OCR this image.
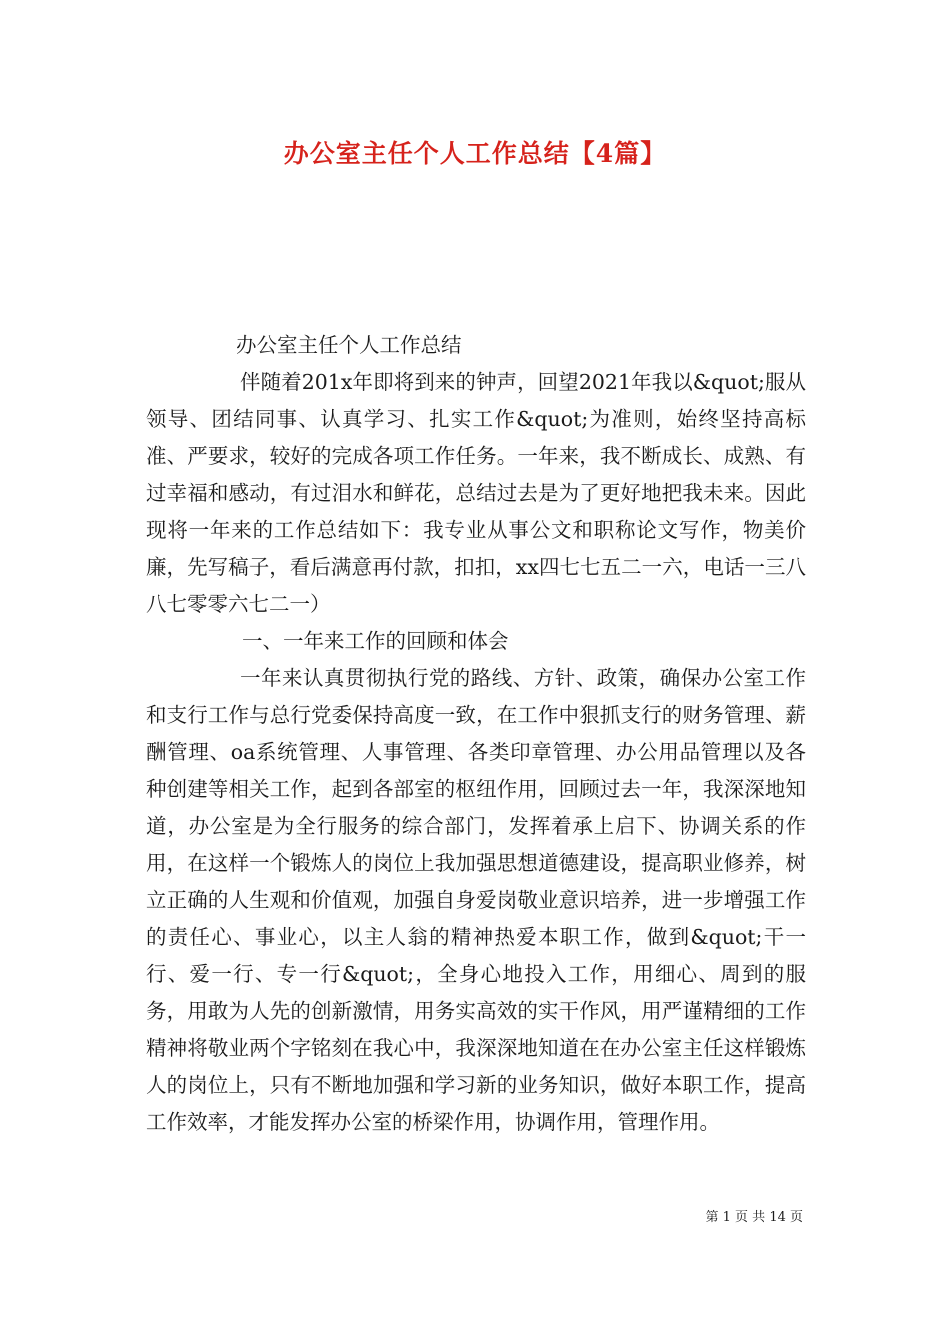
办公室主任个人工作总结【4篇】

办公室主任个人工作总结

伴随着201x年即将到来的钟声，回望2021年我以&quot;服从领导、团结同事、认真学习、扎实工作&quot;为准则，始终坚持高标准、严要求，较好的完成各项工作任务。一年来，我不断成长、成熟、有过幸福和感动，有过泪水和鲜花，总结过去是为了更好地把我未来。因此现将一年来的工作总结如下：我专业从事公文和职称论文写作，物美价廉，先写稿子，看后满意再付款，扣扣，xx四七七五二一六，电话一三八八七零零六七二一）

一、一年来工作的回顾和体会

一年来认真贯彻执行党的路线、方针、政策，确保办公室工作和支行工作与总行党委保持高度一致，在工作中狠抓支行的财务管理、薪酬管理、oa系统管理、人事管理、各类印章管理、办公用品管理以及各种创建等相关工作，起到各部室的枢纽作用，回顾过去一年，我深深地知道，办公室是为全行服务的综合部门，发挥着承上启下、协调关系的作用，在这样一个锻炼人的岗位上我加强思想道德建设，提高职业修养，树立正确的人生观和价值观，加强自身爱岗敬业意识培养，进一步增强工作的责任心、事业心，以主人翁的精神热爱本职工作，做到&quot;干一行、爱一行、专一行&quot;，全身心地投入工作，用细心、周到的服务，用敢为人先的创新激情，用务实高效的实干作风，用严谨精细的工作精神将敬业两个字铭刻在我心中，我深深地知道在在办公室主任这样锻炼人的岗位上，只有不断地加强和学习新的业务知识，做好本职工作，提高工作效率，才能发挥办公室的桥梁作用，协调作用，管理作用。

第 1 页 共 14 页
